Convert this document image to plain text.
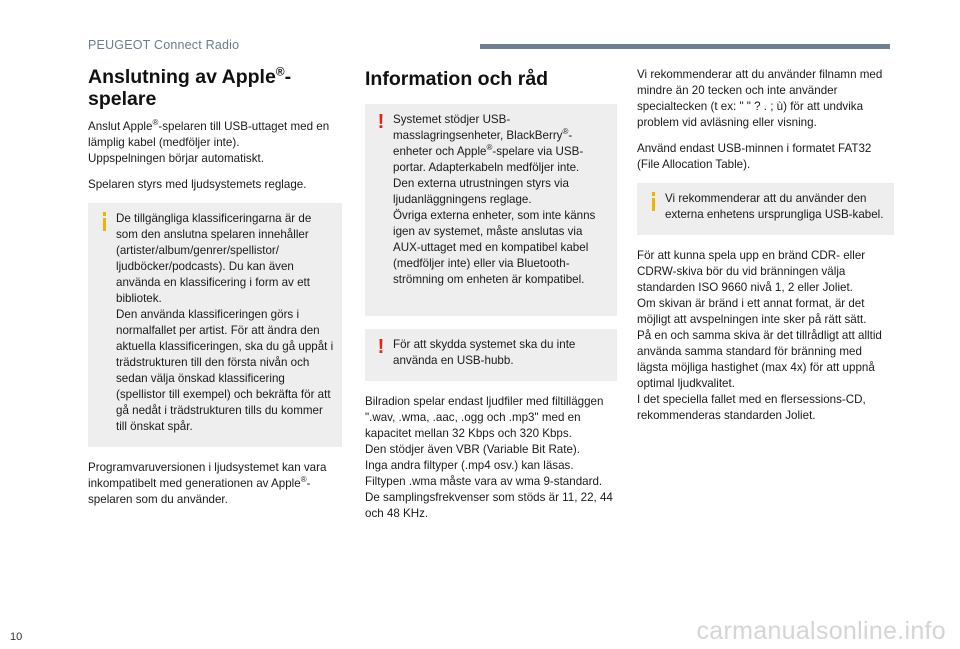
PEUGEOT Connect Radio
Anslutning av Apple®-
spelare

Anslut Apple®-spelaren till USB-uttaget med en lämplig kabel (medföljer inte).
Uppspelningen börjar automatiskt.

Spelaren styrs med ljudsystemets reglage.

De tillgängliga klassificeringarna är de som den anslutna spelaren innehåller (artister/album/genrer/spellistor/ ljudböcker/podcasts). Du kan även använda en klassificering i form av ett bibliotek.
Den använda klassificeringen görs i normalfallet per artist. För att ändra den aktuella klassificeringen, ska du gå uppåt i trädstrukturen till den första nivån och sedan välja önskad klassificering (spellistor till exempel) och bekräfta för att gå nedåt i trädstrukturen tills du kommer till önskat spår.

Programvaruversionen i ljudsystemet kan vara inkompatibelt med generationen av Apple®-spelaren som du använder.

Information och råd
! Systemet stödjer USB-masslagringsenheter, BlackBerry®-enheter och Apple®-spelare via USB-portar. Adapterkabeln medföljer inte.
Den externa utrustningen styrs via ljudanläggningens reglage.
Övriga externa enheter, som inte känns igen av systemet, måste anslutas via AUX-uttaget med en kompatibel kabel (medföljer inte) eller via Bluetooth-strömning om enheten är kompatibel.

! För att skydda systemet ska du inte använda en USB-hubb.

Bilradion spelar endast ljudfiler med filtilläggen ".wav, .wma, .aac, .ogg och .mp3" med en kapacitet mellan 32 Kbps och 320 Kbps.
Den stödjer även VBR (Variable Bit Rate).
Inga andra filtyper (.mp4 osv.) kan läsas.
Filtypen .wma måste vara av wma 9-standard.
De samplingsfrekvenser som stöds är 11, 22, 44 och 48 KHz.

Vi rekommenderar att du använder filnamn med mindre än 20 tecken och inte använder specialtecken (t ex: " " ? . ; ù) för att undvika problem vid avläsning eller visning.

Använd endast USB-minnen i formatet FAT32 (File Allocation Table).

Vi rekommenderar att du använder den externa enhetens ursprungliga USB-kabel.

För att kunna spela upp en bränd CDR- eller CDRW-skiva bör du vid bränningen välja standarden ISO 9660 nivå 1, 2 eller Joliet.
Om skivan är bränd i ett annat format, är det möjligt att avspelningen inte sker på rätt sätt.
På en och samma skiva är det tillrådligt att alltid använda samma standard för bränning med lägsta möjliga hastighet (max 4x) för att uppnå optimal ljudkvalitet.
I det speciella fallet med en flersessions-CD, rekommenderas standarden Joliet.

10	carmanualsonline.info
